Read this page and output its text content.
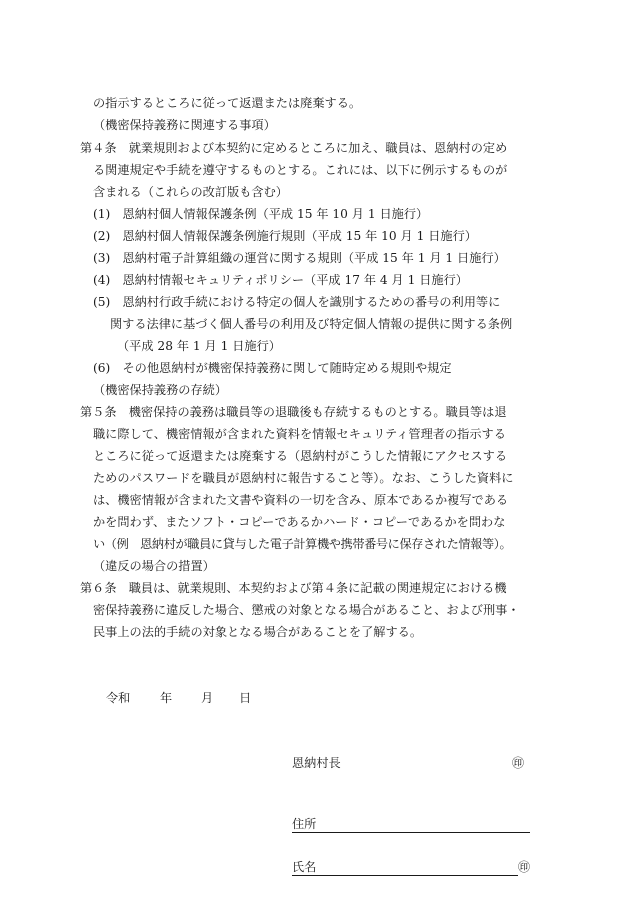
の指示するところに従って返還または廃棄する。
（機密保持義務に関連する事項）
第４条　就業規則および本契約に定めるところに加え、職員は、恩納村の定め
る関連規定や手続を遵守するものとする。これには、以下に例示するものが
含まれる（これらの改訂版も含む）
(1)　恩納村個人情報保護条例（平成 15 年 10 月 1 日施行）
(2)　恩納村個人情報保護条例施行規則（平成 15 年 10 月 1 日施行）
(3)　恩納村電子計算組織の運営に関する規則（平成 15 年 1 月 1 日施行）
(4)　恩納村情報セキュリティポリシー（平成 17 年 4 月 1 日施行）
(5)　恩納村行政手続における特定の個人を識別するための番号の利用等に
関する法律に基づく個人番号の利用及び特定個人情報の提供に関する条例
（平成 28 年 1 月 1 日施行）
(6)　その他恩納村が機密保持義務に関して随時定める規則や規定
（機密保持義務の存続）
第５条　機密保持の義務は職員等の退職後も存続するものとする。職員等は退
職に際して、機密情報が含まれた資料を情報セキュリティ管理者の指示する
ところに従って返還または廃棄する（恩納村がこうした情報にアクセスする
ためのパスワードを職員が恩納村に報告すること等）。なお、こうした資料に
は、機密情報が含まれた文書や資料の一切を含み、原本であるか複写である
かを問わず、またソフト・コピーであるかハード・コピーであるかを問わな
い（例　恩納村が職員に貸与した電子計算機や携帯番号に保存された情報等）。
（違反の場合の措置）
第６条　職員は、就業規則、本契約および第４条に記載の関連規定における機
密保持義務に違反した場合、懲戒の対象となる場合があること、および刑事・
民事上の法的手続の対象となる場合があることを了解する。
令和 年 月 日
恩納村長	㊞
住所
氏名	㊞
